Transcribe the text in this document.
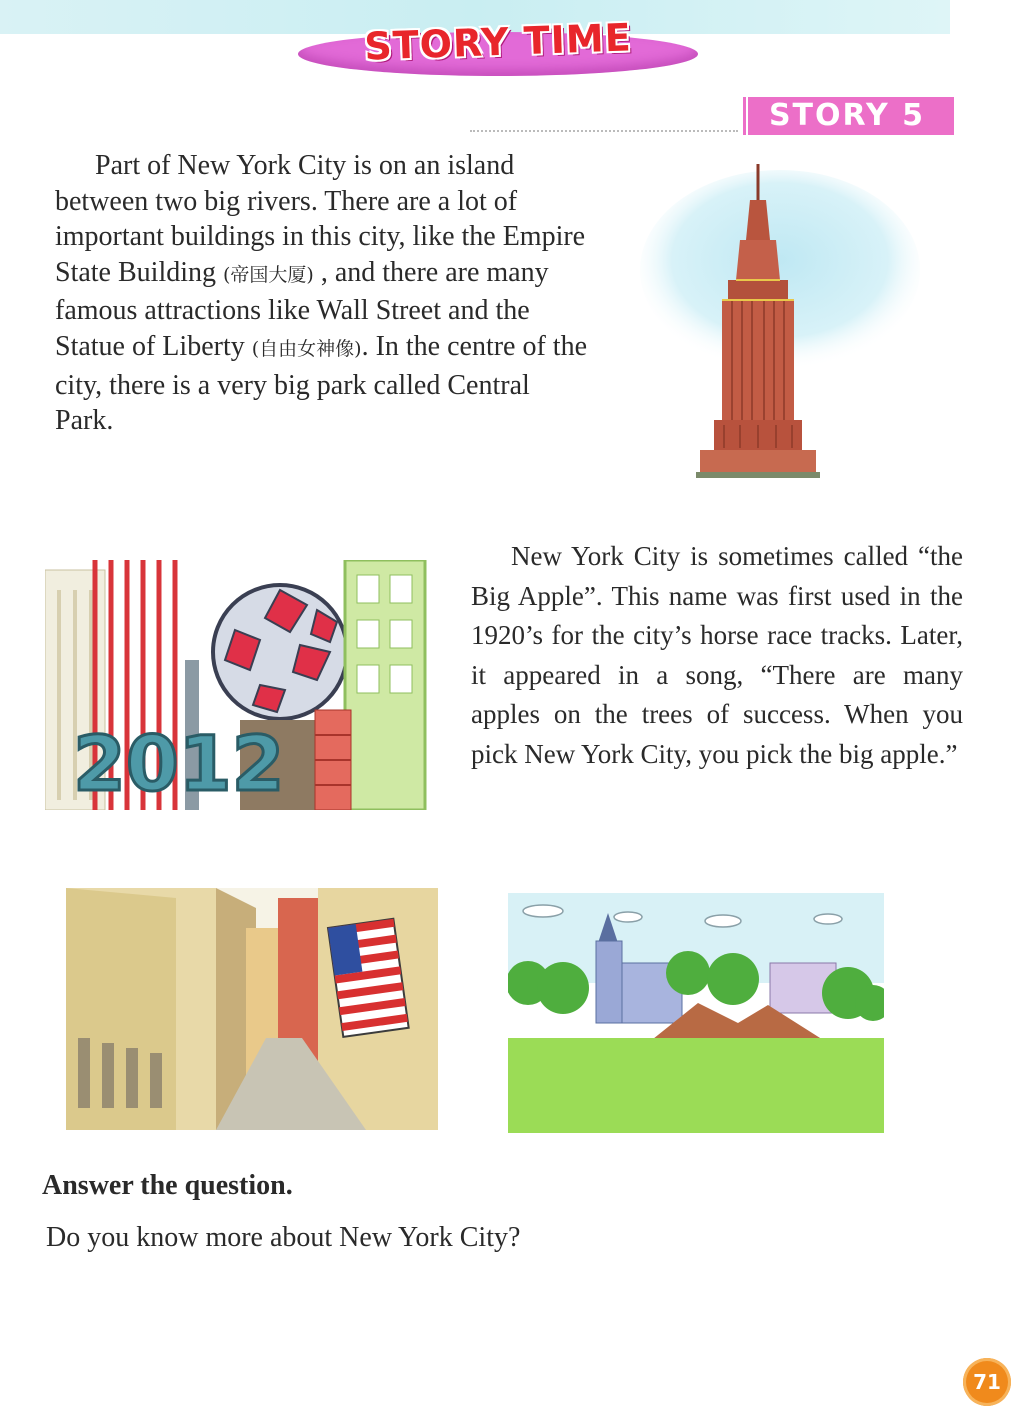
STORY TIME
STORY 5

Part of New York City is on an island between two big rivers. There are a lot of important buildings in this city, like the Empire State Building (帝国大厦) , and there are many famous attractions like Wall Street and the Statue of Liberty (自由女神像). In the centre of the city, there is a very big park called Central Park.

2012

New York City is sometimes called “the Big Apple”. This name was first used in the 1920’s for the city’s horse race tracks. Later, it appeared in a song, “There are many apples on the trees of success. When you pick New York City, you pick the big apple.”

Answer the question.

Do you know more about New York City?

71
